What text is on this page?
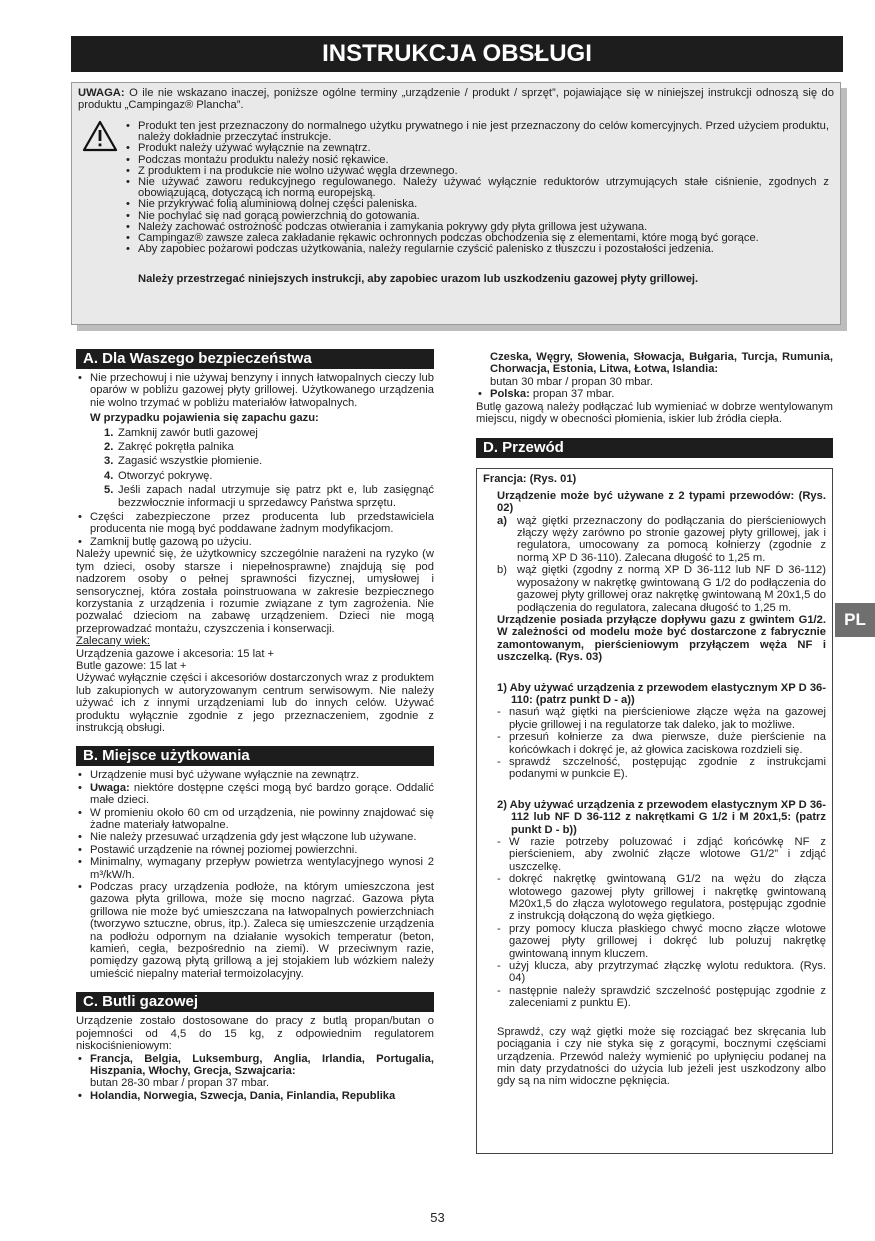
INSTRUKCJA OBSŁUGI

UWAGA: O ile nie wskazano inaczej, poniższe ogólne terminy „urządzenie / produkt / sprzęt”, pojawiające się w niniejszej instrukcji odnoszą się do produktu „Campingaz® Plancha”.

• Produkt ten jest przeznaczony do normalnego użytku prywatnego i nie jest przeznaczony do celów komercyjnych. Przed użyciem produktu, należy dokładnie przeczytać instrukcje.
• Produkt należy używać wyłącznie na zewnątrz.
• Podczas montażu produktu należy nosić rękawice.
• Z produktem i na produkcie nie wolno używać węgla drzewnego.
• Nie używać zaworu redukcyjnego regulowanego. Należy używać wyłącznie reduktorów utrzymujących stałe ciśnienie, zgodnych z obowiązującą, dotyczącą ich normą europejską.
• Nie przykrywać folią aluminiową dolnej części paleniska.
• Nie pochylać się nad gorącą powierzchnią do gotowania.
• Należy zachować ostrożność podczas otwierania i zamykania pokrywy gdy płyta grillowa jest używana.
• Campingaz® zawsze zaleca zakładanie rękawic ochronnych podczas obchodzenia się z elementami, które mogą być gorące.
• Aby zapobiec pożarowi podczas użytkowania, należy regularnie czyścić palenisko z tłuszczu i pozostałości jedzenia.
Należy przestrzegać niniejszych instrukcji, aby zapobiec urazom lub uszkodzeniu gazowej płyty grillowej.
A. Dla Waszego bezpieczeństwa
• Nie przechowuj i nie używaj benzyny i innych łatwopalnych cieczy lub oparów w pobliżu gazowej płyty grillowej. Użytkowanego urządzenia nie wolno trzymać w pobliżu materiałów łatwopalnych.
W przypadku pojawienia się zapachu gazu:
1. Zamknij zawór butli gazowej
2. Zakręć pokrętła palnika
3. Zagasić wszystkie płomienie.
4. Otworzyć pokrywę.
5. Jeśli zapach nadal utrzymuje się patrz pkt e, lub zasięgnąć bezzwłocznie informacji u sprzedawcy Państwa sprzętu.
• Części zabezpieczone przez producenta lub przedstawiciela producenta nie mogą być poddawane żadnym modyfikacjom.
• Zamknij butlę gazową po użyciu.

Należy upewnić się, że użytkownicy szczególnie narażeni na ryzyko (w tym dzieci, osoby starsze i niepełnosprawne) znajdują się pod nadzorem osoby o pełnej sprawności fizycznej, umysłowej i sensorycznej, która została poinstruowana w zakresie bezpiecznego korzystania z urządzenia i rozumie związane z tym zagrożenia. Nie pozwalać dzieciom na zabawę urządzeniem. Dzieci nie mogą przeprowadzać montażu, czyszczenia i konserwacji.

Zalecany wiek:

Urządzenia gazowe i akcesoria: 15 lat +

Butle gazowe: 15 lat +

Używać wyłącznie części i akcesoriów dostarczonych wraz z produktem lub zakupionych w autoryzowanym centrum serwisowym. Nie należy używać ich z innymi urządzeniami lub do innych celów. Używać produktu wyłącznie zgodnie z jego przeznaczeniem, zgodnie z instrukcją obsługi.

B. Miejsce użytkowania
• Urządzenie musi być używane wyłącznie na zewnątrz.
• Uwaga: niektóre dostępne części mogą być bardzo gorące. Oddalić małe dzieci.
• W promieniu około 60 cm od urządzenia, nie powinny znajdować się żadne materiały łatwopalne.
• Nie należy przesuwać urządzenia gdy jest włączone lub używane.
• Postawić urządzenie na równej poziomej powierzchni.
• Minimalny, wymagany przepływ powietrza wentylacyjnego wynosi 2 m³/kW/h.
• Podczas pracy urządzenia podłoże, na którym umieszczona jest gazowa płyta grillowa, może się mocno nagrzać. Gazowa płyta grillowa nie może być umieszczana na łatwopalnych powierzchniach (tworzywo sztuczne, obrus, itp.). Zaleca się umieszczenie urządzenia na podłożu odpornym na działanie wysokich temperatur (beton, kamień, cegła, bezpośrednio na ziemi). W przeciwnym razie, pomiędzy gazową płytą grillową a jej stojakiem lub wózkiem należy umieścić niepalny materiał termoizolacyjny.
C. Butli gazowej

Urządzenie zostało dostosowane do pracy z butlą propan/butan o pojemności od 4,5 do 15 kg, z odpowiednim regulatorem niskociśnieniowym:

• Francja, Belgia, Luksemburg, Anglia, Irlandia, Portugalia, Hiszpania, Włochy, Grecja, Szwajcaria:
butan 28-30 mbar / propan 37 mbar.
• Holandia, Norwegia, Szwecja, Dania, Finlandia, Republika
Czeska, Węgry, Słowenia, Słowacja, Bułgaria, Turcja, Rumunia, Chorwacja, Estonia, Litwa, Łotwa, Islandia:
butan 30 mbar / propan 30 mbar.
• Polska: propan 37 mbar.

Butlę gazową należy podłączać lub wymieniać w dobrze wentylowanym miejscu, nigdy w obecności płomienia, iskier lub źródła ciepła.

D. Przewód
Francja: (Rys. 01)

Urządzenie może być używane z 2 typami przewodów: (Rys. 02)

a) wąż giętki przeznaczony do podłączania do pierścieniowych złączy węży zarówno po stronie gazowej płyty grillowej, jak i regulatora, umocowany za pomocą kołnierzy (zgodnie z normą XP D 36-110). Zalecana długość to 1,25 m.
b) wąż giętki (zgodny z normą XP D 36-112 lub NF D 36-112) wyposażony w nakrętkę gwintowaną G 1/2 do podłączenia do gazowej płyty grillowej oraz nakrętkę gwintowaną M 20x1,5 do podłączenia do regulatora, zalecana długość to 1,25 m.

Urządzenie posiada przyłącze dopływu gazu z gwintem G1/2. W zależności od modelu może być dostarczone z fabrycznie zamontowanym, pierścieniowym przyłączem węża NF i uszczelką. (Rys. 03)

1) Aby używać urządzenia z przewodem elastycznym XP D 36-110: (patrz punkt D - a))

- nasuń wąż giętki na pierścieniowe złącze węża na gazowej płycie grillowej i na regulatorze tak daleko, jak to możliwe.
- przesuń kołnierze za dwa pierwsze, duże pierścienie na końcówkach i dokręć je, aż głowica zaciskowa rozdzieli się.
- sprawdź szczelność, postępując zgodnie z instrukcjami podanymi w punkcie E).

2) Aby używać urządzenia z przewodem elastycznym XP D 36-112 lub NF D 36-112 z nakrętkami G 1/2 i M 20x1,5: (patrz punkt D - b))

- W razie potrzeby poluzować i zdjąć końcówkę NF z pierścieniem, aby zwolnić złącze wlotowe G1/2” i zdjąć uszczelkę.
- dokręć nakrętkę gwintowaną G1/2 na wężu do złącza wlotowego gazowej płyty grillowej i nakrętkę gwintowaną M20x1,5 do złącza wylotowego regulatora, postępując zgodnie z instrukcją dołączoną do węża giętkiego.
- przy pomocy klucza płaskiego chwyć mocno złącze wlotowe gazowej płyty grillowej i dokręć lub poluzuj nakrętkę gwintowaną innym kluczem.
- użyj klucza, aby przytrzymać złączkę wylotu reduktora. (Rys. 04)
- następnie należy sprawdzić szczelność postępując zgodnie z zaleceniami z punktu E).

Sprawdź, czy wąż giętki może się rozciągać bez skręcania lub pociągania i czy nie styka się z gorącymi, bocznymi częściami urządzenia. Przewód należy wymienić po upłynięciu podanej na min daty przydatności do użycia lub jeżeli jest uszkodzony albo gdy są na nim widoczne pęknięcia.

PL
53
